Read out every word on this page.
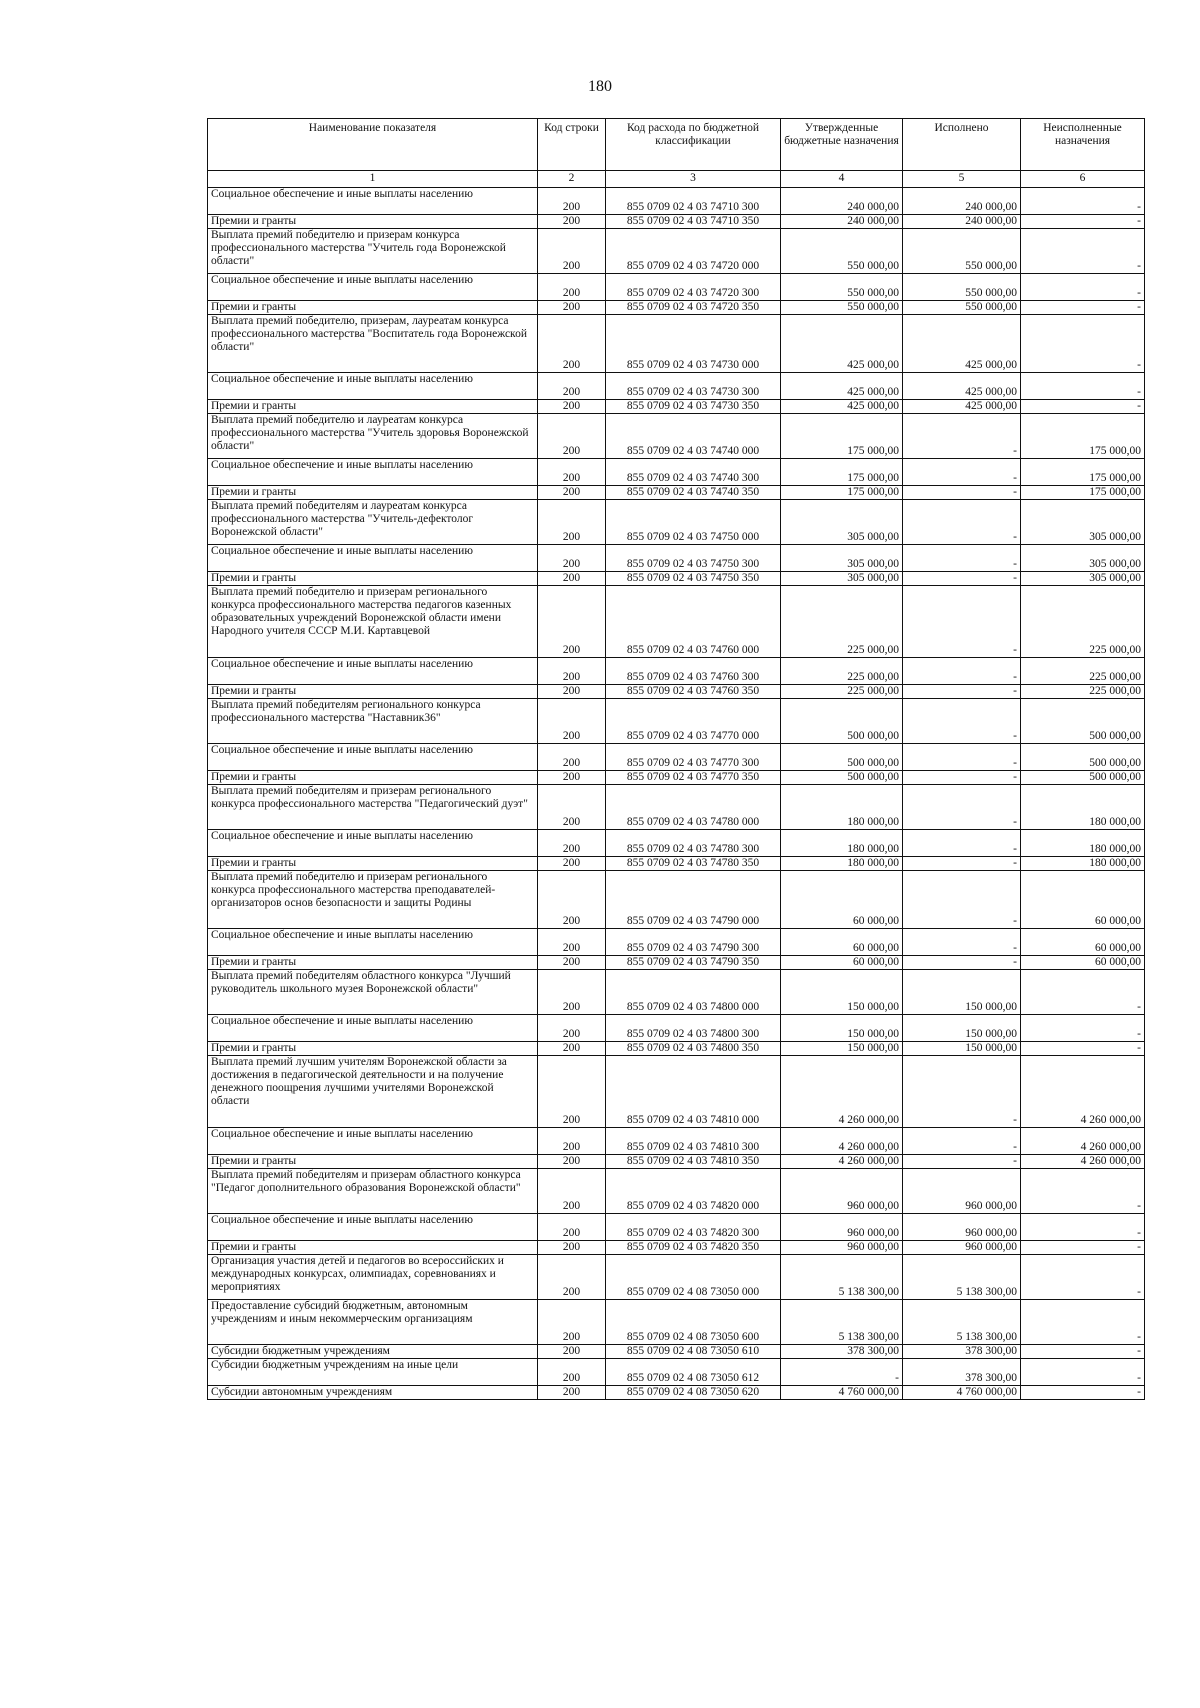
180
Наименование показателя	Код строки	Код расхода по бюджетной классификации	Утвержденные бюджетные назначения	Исполнено	Неисполненные назначения
1	2	3	4	5	6
Социальное обеспечение и иные выплаты населению	200	855 0709 02 4 03 74710 300	240 000,00	240 000,00	-
Премии и гранты	200	855 0709 02 4 03 74710 350	240 000,00	240 000,00	-
Выплата премий победителю и призерам конкурса профессионального мастерства "Учитель года Воронежской области"	200	855 0709 02 4 03 74720 000	550 000,00	550 000,00	-
Социальное обеспечение и иные выплаты населению	200	855 0709 02 4 03 74720 300	550 000,00	550 000,00	-
Премии и гранты	200	855 0709 02 4 03 74720 350	550 000,00	550 000,00	-
Выплата премий победителю, призерам, лауреатам конкурса профессионального мастерства "Воспитатель года Воронежской области"	200	855 0709 02 4 03 74730 000	425 000,00	425 000,00	-
Социальное обеспечение и иные выплаты населению	200	855 0709 02 4 03 74730 300	425 000,00	425 000,00	-
Премии и гранты	200	855 0709 02 4 03 74730 350	425 000,00	425 000,00	-
Выплата премий победителю и лауреатам конкурса профессионального мастерства "Учитель здоровья Воронежской области"	200	855 0709 02 4 03 74740 000	175 000,00	-	175 000,00
Социальное обеспечение и иные выплаты населению	200	855 0709 02 4 03 74740 300	175 000,00	-	175 000,00
Премии и гранты	200	855 0709 02 4 03 74740 350	175 000,00	-	175 000,00
Выплата премий победителям и лауреатам конкурса профессионального мастерства "Учитель-дефектолог Воронежской области"	200	855 0709 02 4 03 74750 000	305 000,00	-	305 000,00
Социальное обеспечение и иные выплаты населению	200	855 0709 02 4 03 74750 300	305 000,00	-	305 000,00
Премии и гранты	200	855 0709 02 4 03 74750 350	305 000,00	-	305 000,00
Выплата премий победителю и призерам регионального конкурса профессионального мастерства педагогов казенных образовательных учреждений Воронежской области имени Народного учителя СССР М.И. Картавцевой	200	855 0709 02 4 03 74760 000	225 000,00	-	225 000,00
Социальное обеспечение и иные выплаты населению	200	855 0709 02 4 03 74760 300	225 000,00	-	225 000,00
Премии и гранты	200	855 0709 02 4 03 74760 350	225 000,00	-	225 000,00
Выплата премий победителям регионального конкурса профессионального мастерства "Наставник36"	200	855 0709 02 4 03 74770 000	500 000,00	-	500 000,00
Социальное обеспечение и иные выплаты населению	200	855 0709 02 4 03 74770 300	500 000,00	-	500 000,00
Премии и гранты	200	855 0709 02 4 03 74770 350	500 000,00	-	500 000,00
Выплата премий победителям и призерам регионального конкурса профессионального мастерства "Педагогический дуэт"	200	855 0709 02 4 03 74780 000	180 000,00	-	180 000,00
Социальное обеспечение и иные выплаты населению	200	855 0709 02 4 03 74780 300	180 000,00	-	180 000,00
Премии и гранты	200	855 0709 02 4 03 74780 350	180 000,00	-	180 000,00
Выплата премий победителю и призерам регионального конкурса профессионального мастерства преподавателей-организаторов основ безопасности и защиты Родины	200	855 0709 02 4 03 74790 000	60 000,00	-	60 000,00
Социальное обеспечение и иные выплаты населению	200	855 0709 02 4 03 74790 300	60 000,00	-	60 000,00
Премии и гранты	200	855 0709 02 4 03 74790 350	60 000,00	-	60 000,00
Выплата премий победителям областного конкурса "Лучший руководитель школьного музея Воронежской области"	200	855 0709 02 4 03 74800 000	150 000,00	150 000,00	-
Социальное обеспечение и иные выплаты населению	200	855 0709 02 4 03 74800 300	150 000,00	150 000,00	-
Премии и гранты	200	855 0709 02 4 03 74800 350	150 000,00	150 000,00	-
Выплата премий лучшим учителям Воронежской области за достижения в педагогической деятельности и на получение денежного поощрения лучшими учителями Воронежской области	200	855 0709 02 4 03 74810 000	4 260 000,00	-	4 260 000,00
Социальное обеспечение и иные выплаты населению	200	855 0709 02 4 03 74810 300	4 260 000,00	-	4 260 000,00
Премии и гранты	200	855 0709 02 4 03 74810 350	4 260 000,00	-	4 260 000,00
Выплата премий победителям и призерам областного конкурса "Педагог дополнительного образования Воронежской области"	200	855 0709 02 4 03 74820 000	960 000,00	960 000,00	-
Социальное обеспечение и иные выплаты населению	200	855 0709 02 4 03 74820 300	960 000,00	960 000,00	-
Премии и гранты	200	855 0709 02 4 03 74820 350	960 000,00	960 000,00	-
Организация участия детей и педагогов во всероссийских и международных конкурсах, олимпиадах, соревнованиях и мероприятиях	200	855 0709 02 4 08 73050 000	5 138 300,00	5 138 300,00	-
Предоставление субсидий бюджетным, автономным учреждениям и иным некоммерческим организациям	200	855 0709 02 4 08 73050 600	5 138 300,00	5 138 300,00	-
Субсидии бюджетным учреждениям	200	855 0709 02 4 08 73050 610	378 300,00	378 300,00	-
Субсидии бюджетным учреждениям на иные цели	200	855 0709 02 4 08 73050 612	-	378 300,00	-
Субсидии автономным учреждениям	200	855 0709 02 4 08 73050 620	4 760 000,00	4 760 000,00	-
